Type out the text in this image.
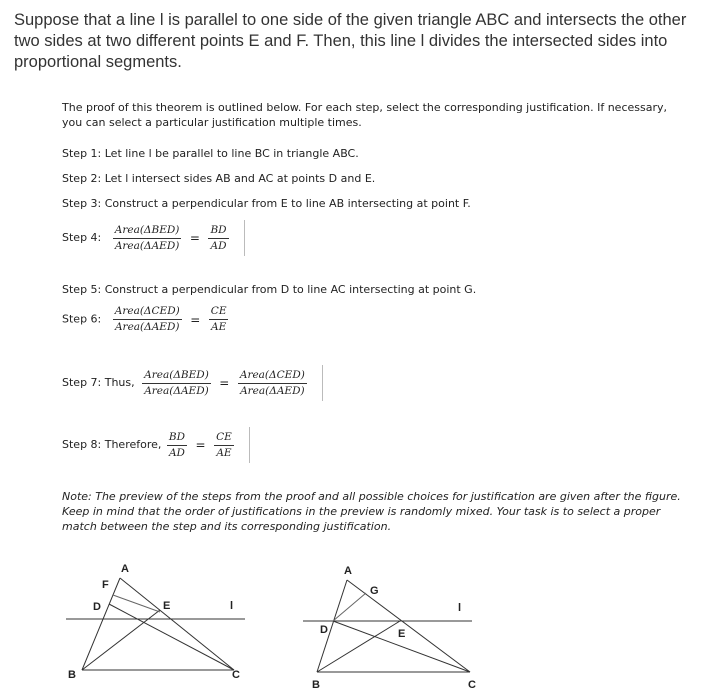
Suppose that a line l is parallel to one side of the given triangle ABC and intersects the other two sides at two different points E and F. Then, this line l divides the intersected sides into proportional segments.

The proof of this theorem is outlined below. For each step, select the corresponding justification. If necessary, you can select a particular justification multiple times.

Step 1: Let line l be parallel to line BC in triangle ABC.
Step 2: Let l intersect sides AB and AC at points D and E.
Step 3: Construct a perpendicular from E to line AB intersecting at point F.
Step 4: $\frac{\text{Area(ΔBED)}}{\text{Area(ΔAED)}} = \frac{BD}{AD}$

Step 5: Construct a perpendicular from D to line AC intersecting at point G.
Step 6: $\frac{\text{Area(ΔCED)}}{\text{Area(ΔAED)}} = \frac{CE}{AE}$
Step 7: Thus, $\frac{\text{Area(ΔBED)}}{\text{Area(ΔAED)}} = \frac{\text{Area(ΔCED)}}{\text{Area(ΔAED)}}$

Step 8: Therefore, $\frac{BD}{AD} = \frac{CE}{AE}$

Note: The preview of the steps from the proof and all possible choices for justification are given after the figure. Keep in mind that the order of justifications in the preview is randomly mixed. Your task is to select a proper match between the step and its corresponding justification.

A
F
D	E	l
B	C
A
G
D	E
l
B	C
